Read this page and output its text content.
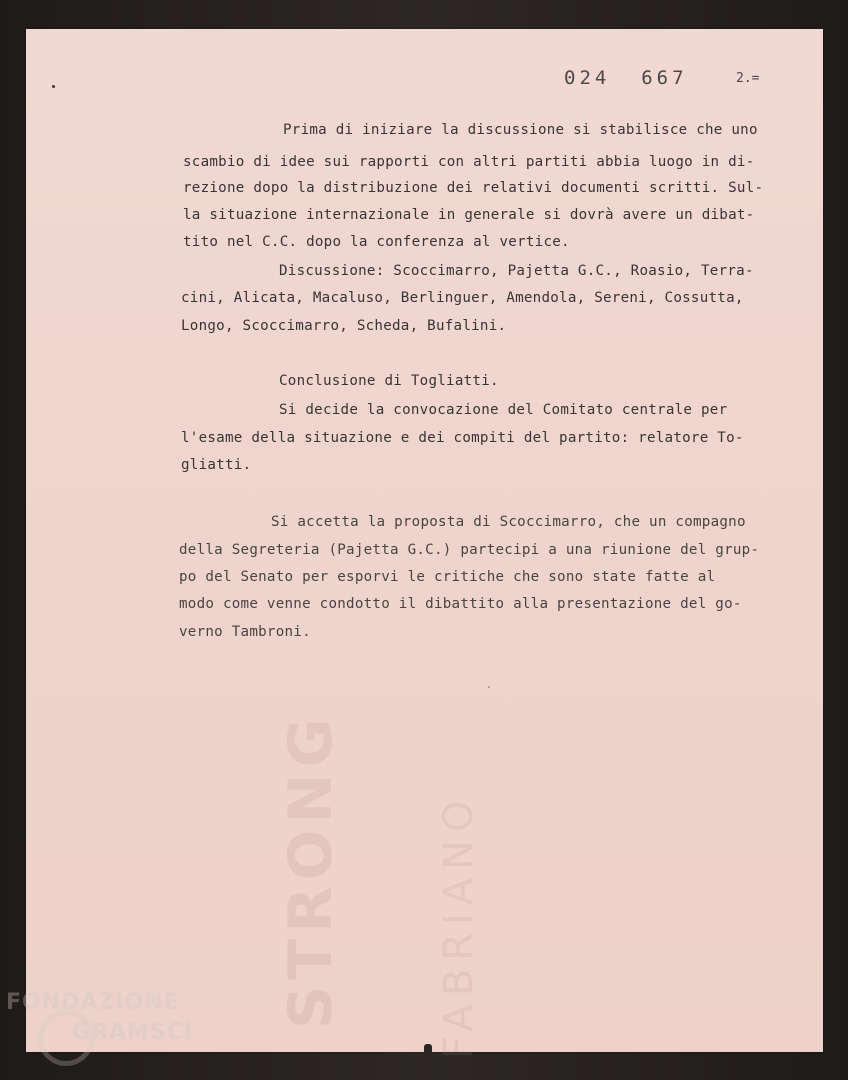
STRONG FABRIANO
024  667	2.=
Prima di iniziare la discussione si stabilisce che uno
scambio di idee sui rapporti con altri partiti abbia luogo in di-
rezione dopo la distribuzione dei relativi documenti scritti. Sul-
la situazione internazionale in generale si dovrà avere un dibat-
tito nel C.C. dopo la conferenza al vertice.
Discussione: Scoccimarro, Pajetta G.C., Roasio, Terra-
cini, Alicata, Macaluso, Berlinguer, Amendola, Sereni, Cossutta,
Longo, Scoccimarro, Scheda, Bufalini.
Conclusione di Togliatti.
Si decide la convocazione del Comitato centrale per
l'esame della situazione e dei compiti del partito: relatore To-
gliatti.
Si accetta la proposta di Scoccimarro, che un compagno
della Segreteria (Pajetta G.C.) partecipi a una riunione del grup-
po del Senato per esporvi le critiche che sono state fatte al
modo come venne condotto il dibattito alla presentazione del go-
verno Tambroni.
FONDAZIONE
GRAMSCI
